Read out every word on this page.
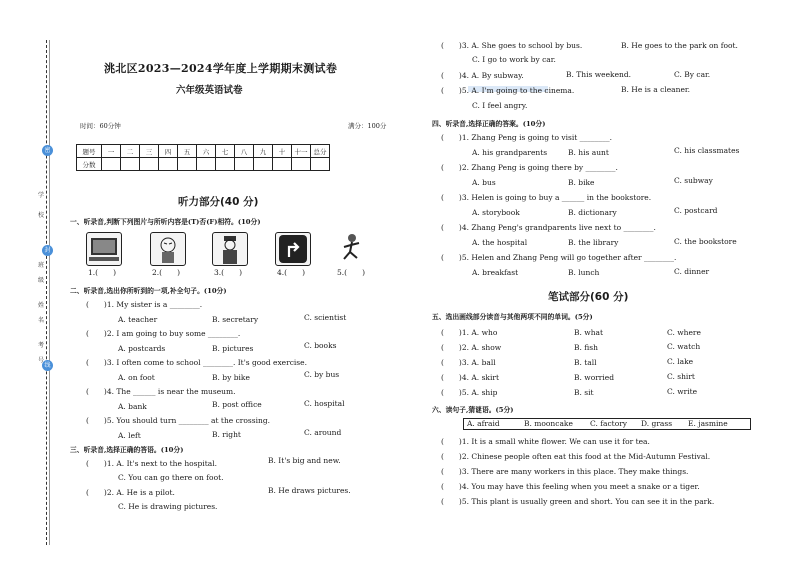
密
封
线
学
校
班
级
姓
名
考
号
洮北区2023—2024学年度上学期期末测试卷
六年级英语试卷
时间：60分钟	满分：100分
题号	一	二	三	四	五	六	七	八	九	十	十一	总分
分数												
听力部分(40 分)
一、听录音,判断下列图片与所听内容是(T)否(F)相符。(10分)
1.(　　)	2.(　　)	3.(　　)	4.(　　)	5.(　　)
二、听录音,选出你所听到的一项,补全句子。(10分)
(　　)1. My sister is a ________.
A. teacher	B. secretary	C. scientist
(　　)2. I am going to buy some ________.
A. postcards	B. pictures	C. books
(　　)3. I often come to school ________. It's good exercise.
A. on foot	B. by bike	C. by bus
(　　)4. The ______ is near the museum.
A. bank	B. post office	C. hospital
(　　)5. You should turn ________ at the crossing.
A. left	B. right	C. around
三、听录音,选择正确的答语。(10分)
(　　)1. A. It's next to the hospital.	B. It's big and new.
C. You can go there on foot.
(　　)2. A. He is a pilot.	B. He draws pictures.
C. He is drawing pictures.
(　　)3. A. She goes to school by bus.	B. He goes to the park on foot.
C. I go to work by car.
(　　)4. A. By subway.	B. This weekend.	C. By car.
(　　)5. A. I'm going to the cinema.	B. He is a cleaner.
C. I feel angry.
四、听录音,选择正确的答案。(10分)
(　　)1. Zhang Peng is going to visit ________.
A. his grandparents	B. his aunt	C. his classmates
(　　)2. Zhang Peng is going there by ________.
A. bus	B. bike	C. subway
(　　)3. Helen is going to buy a ______ in the bookstore.
A. storybook	B. dictionary	C. postcard
(　　)4. Zhang Peng's grandparents live next to ________.
A. the hospital	B. the library	C. the bookstore
(　　)5. Helen and Zhang Peng will go together after ________.
A. breakfast	B. lunch	C. dinner
笔试部分(60 分)
五、选出画线部分读音与其他两项不同的单词。(5分)
(　　)1. A. who	B. what	C. where
(　　)2. A. show	B. fish	C. watch
(　　)3. A. ball	B. tall	C. lake
(　　)4. A. skirt	B. worried	C. shirt
(　　)5. A. ship	B. sit	C. write
六、读句子,猜谜语。(5分)
A. afraid	B. mooncake C. factory D. grass E. jasmine
(　　)1. It is a small white flower. We can use it for tea.
(　　)2. Chinese people often eat this food at the Mid-Autumn Festival.
(　　)3. There are many workers in this place. They make things.
(　　)4. You may have this feeling when you meet a snake or a tiger.
(　　)5. This plant is usually green and short. You can see it in the park.
